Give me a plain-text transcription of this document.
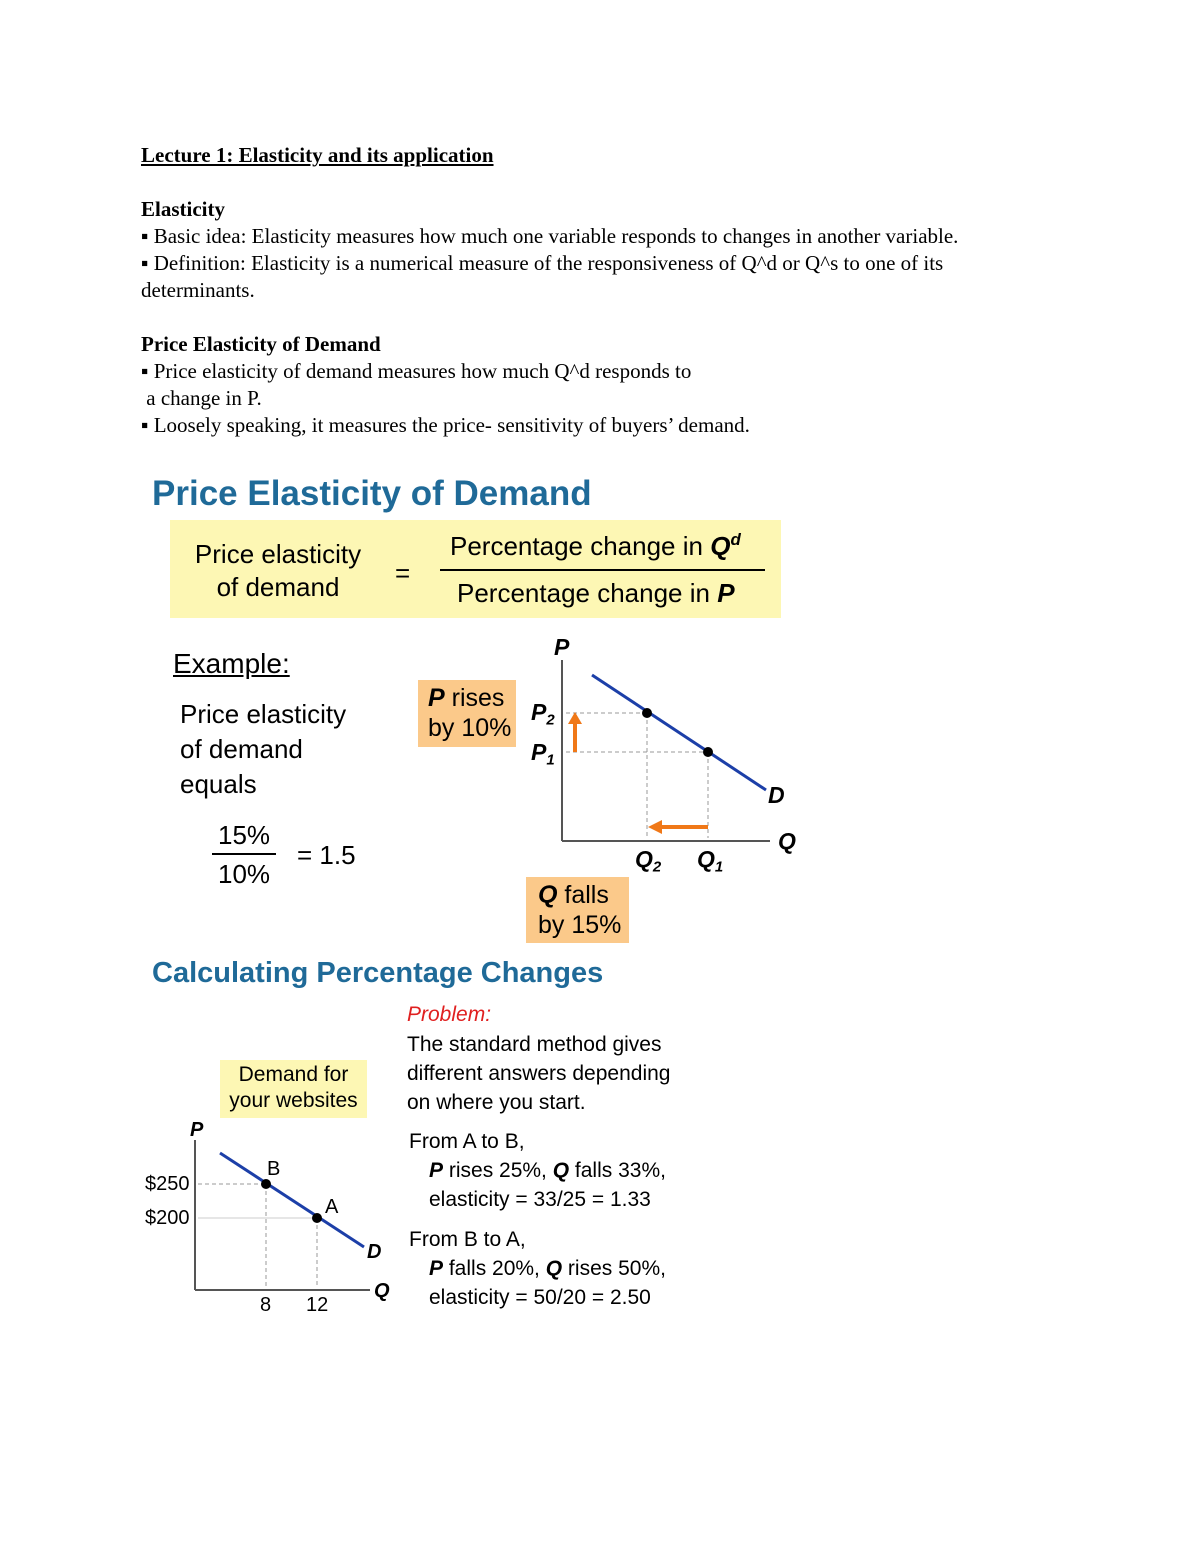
Lecture 1: Elasticity and its application
Elasticity
▪ Basic idea: Elasticity measures how much one variable responds to changes in another variable.
▪ Definition: Elasticity is a numerical measure of the responsiveness of Q^d or Q^s to one of its
determinants.
Price Elasticity of Demand
▪ Price elasticity of demand measures how much Q^d responds to
a change in P.
▪ Loosely speaking, it measures the price- sensitivity of buyers’ demand.
Price Elasticity of Demand
Price elasticity
of demand	=
Percentage change in $Q^d$
Percentage change in P
Example:
Price elasticity
of demand
equals
15%
10%
= 1.5
P rises
by 10%
Q falls
by 15%
P
Q
D
$P_2$
$P_1$
$Q_2$ $Q_1$
Calculating Percentage Changes
Demand for
your websites
P
Q
D
B
A
$250
$200
8 12
Problem:
The standard method gives
different answers depending
on where you start.
From A to B,
P rises 25%, Q falls 33%,
elasticity = 33/25 = 1.33
From B to A,
P falls 20%, Q rises 50%,
elasticity = 50/20 = 2.50
